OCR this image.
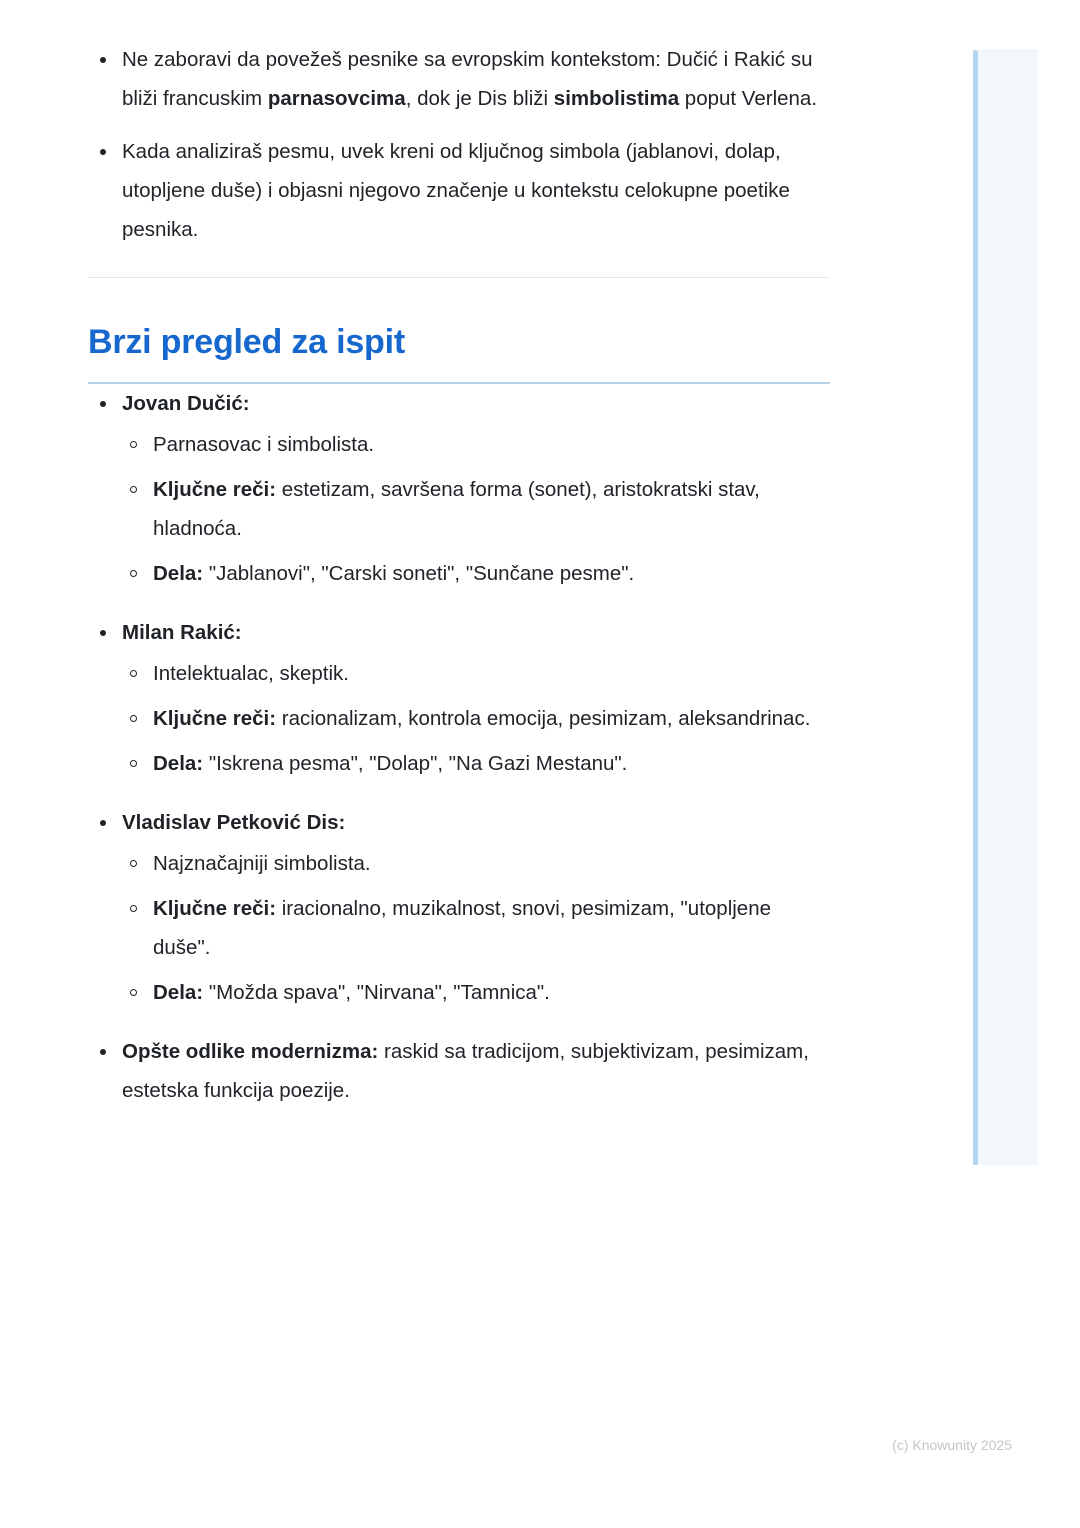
Ne zaboravi da povežeš pesnike sa evropskim kontekstom: Dučić i Rakić su bliži francuskim parnasovcima, dok je Dis bliži simbolistima poput Verlena.
Kada analiziraš pesmu, uvek kreni od ključnog simbola (jablanovi, dolap, utopljene duše) i objasni njegovo značenje u kontekstu celokupne poetike pesnika.
Brzi pregled za ispit
Jovan Dučić:
Parnasovac i simbolista.
Ključne reči: estetizam, savršena forma (sonet), aristokratski stav, hladnoća.
Dela: "Jablanovi", "Carski soneti", "Sunčane pesme".
Milan Rakić:
Intelektualac, skeptik.
Ključne reči: racionalizam, kontrola emocija, pesimizam, aleksandrinac.
Dela: "Iskrena pesma", "Dolap", "Na Gazi Mestanu".
Vladislav Petković Dis:
Najznačajniji simbolista.
Ključne reči: iracionalno, muzikalnost, snovi, pesimizam, "utopljene duše".
Dela: "Možda spava", "Nirvana", "Tamnica".
Opšte odlike modernizma: raskid sa tradicijom, subjektivizam, pesimizam, estetska funkcija poezije.
(c) Knowunity 2025
